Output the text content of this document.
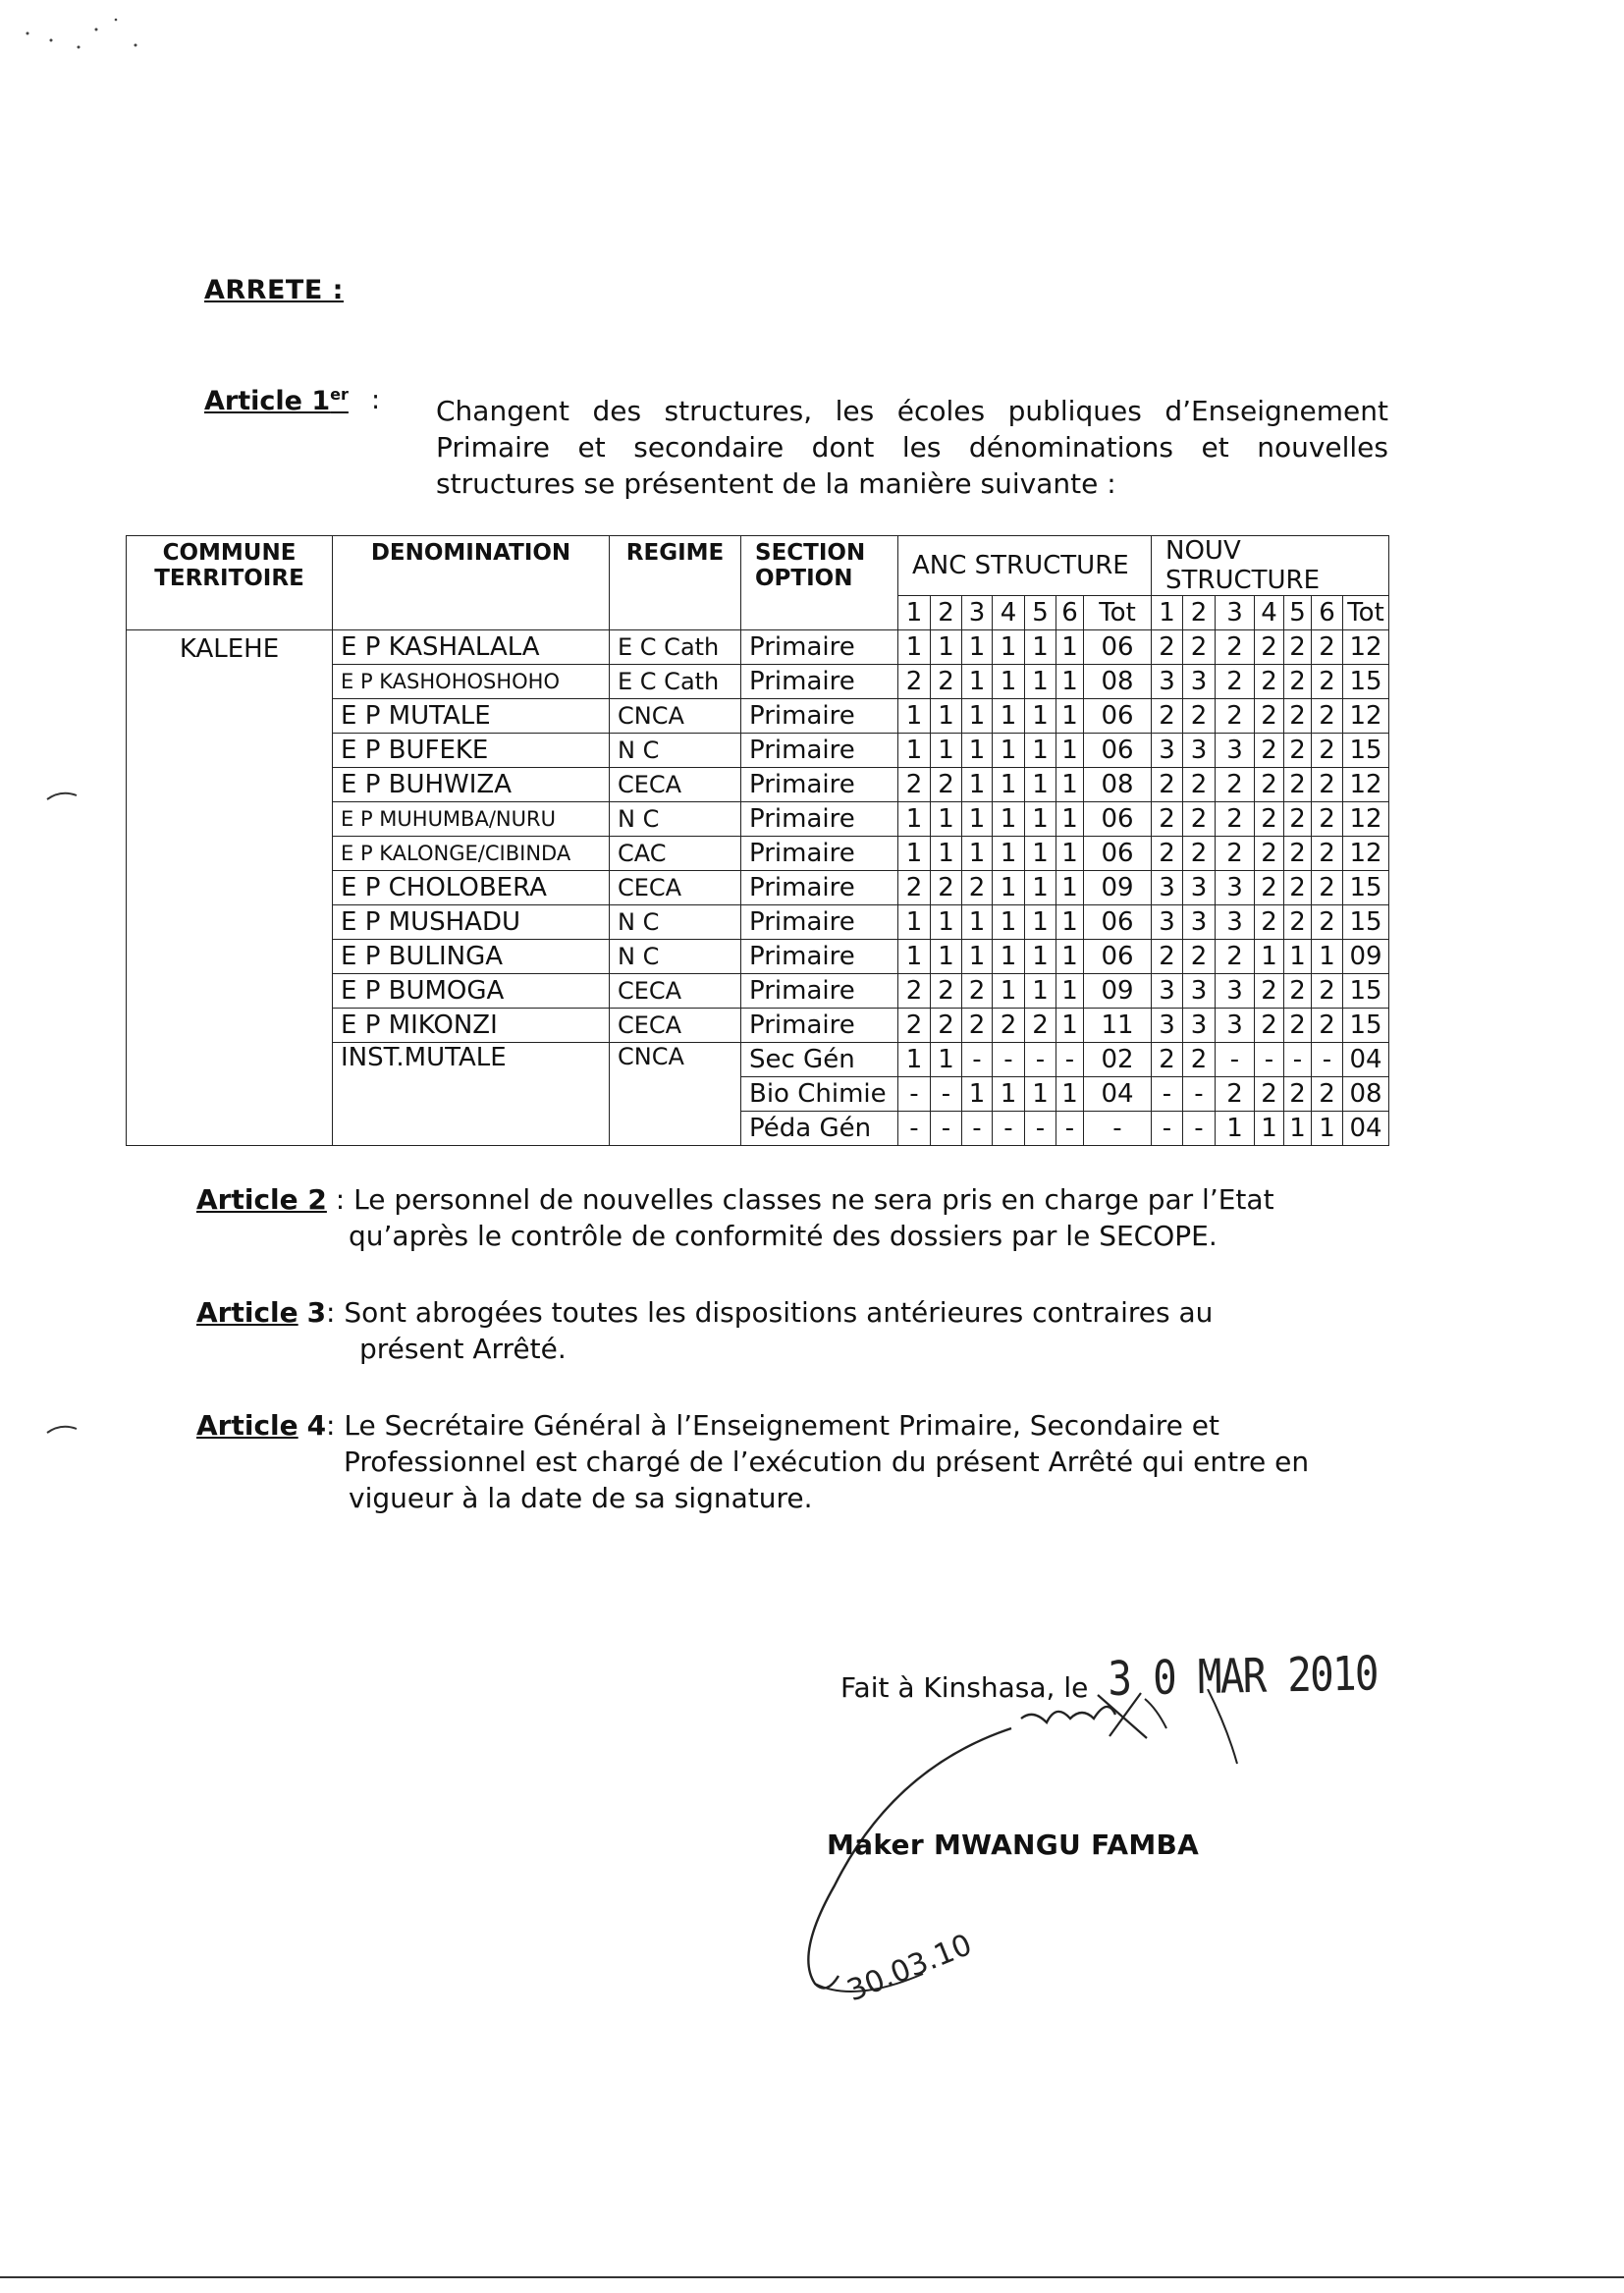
ARRETE :
Article 1er : Changent des structures, les écoles publiques d’Enseignement Primaire et secondaire dont les dénominations et nouvelles structures se présentent de la manière suivante :
COMMUNE TERRITOIRE	DENOMINATION	REGIME	SECTION OPTION	ANC STRUCTURE							NOUV STRUCTURE						
				1	2	3	4	5	6	Tot	1	2	3	4	5	6	Tot
KALEHE	E P KASHALALA	E C Cath	Primaire	1	1	1	1	1	1	06	2	2	2	2	2	2	12
	E P KASHOHOSHOHO	E C Cath	Primaire	2	2	1	1	1	1	08	3	3	2	2	2	2	15
	E P MUTALE	CNCA	Primaire	1	1	1	1	1	1	06	2	2	2	2	2	2	12
	E P BUFEKE	N C	Primaire	1	1	1	1	1	1	06	3	3	3	2	2	2	15
	E P BUHWIZA	CECA	Primaire	2	2	1	1	1	1	08	2	2	2	2	2	2	12
	E P MUHUMBA/NURU	N C	Primaire	1	1	1	1	1	1	06	2	2	2	2	2	2	12
	E P KALONGE/CIBINDA	CAC	Primaire	1	1	1	1	1	1	06	2	2	2	2	2	2	12
	E P CHOLOBERA	CECA	Primaire	2	2	2	1	1	1	09	3	3	3	2	2	2	15
	E P MUSHADU	N C	Primaire	1	1	1	1	1	1	06	3	3	3	2	2	2	15
	E P BULINGA	N C	Primaire	1	1	1	1	1	1	06	2	2	2	1	1	1	09
	E P BUMOGA	CECA	Primaire	2	2	2	1	1	1	09	3	3	3	2	2	2	15
	E P MIKONZI	CECA	Primaire	2	2	2	2	2	1	11	3	3	3	2	2	2	15
	INST.MUTALE	CNCA	Sec Gén	1	1	-	-	-	-	02	2	2	-	-	-	-	04
			Bio Chimie	-	-	1	1	1	1	04	-	-	2	2	2	2	08
			Péda Gén	-	-	-	-	-	-	-	-	-	1	1	1	1	04
Article 2 : Le personnel de nouvelles classes ne sera pris en charge par l’Etat
qu’après le contrôle de conformité des dossiers par le SECOPE.
Article 3: Sont abrogées toutes les dispositions antérieures contraires au
présent Arrêté.
Article 4: Le Secrétaire Général à l’Enseignement Primaire, Secondaire et
Professionnel est chargé de l’exécution du présent Arrêté qui entre en
vigueur à la date de sa signature.
Fait à Kinshasa, le 3 0 MAR 2010
30.03.10
Maker MWANGU FAMBA
